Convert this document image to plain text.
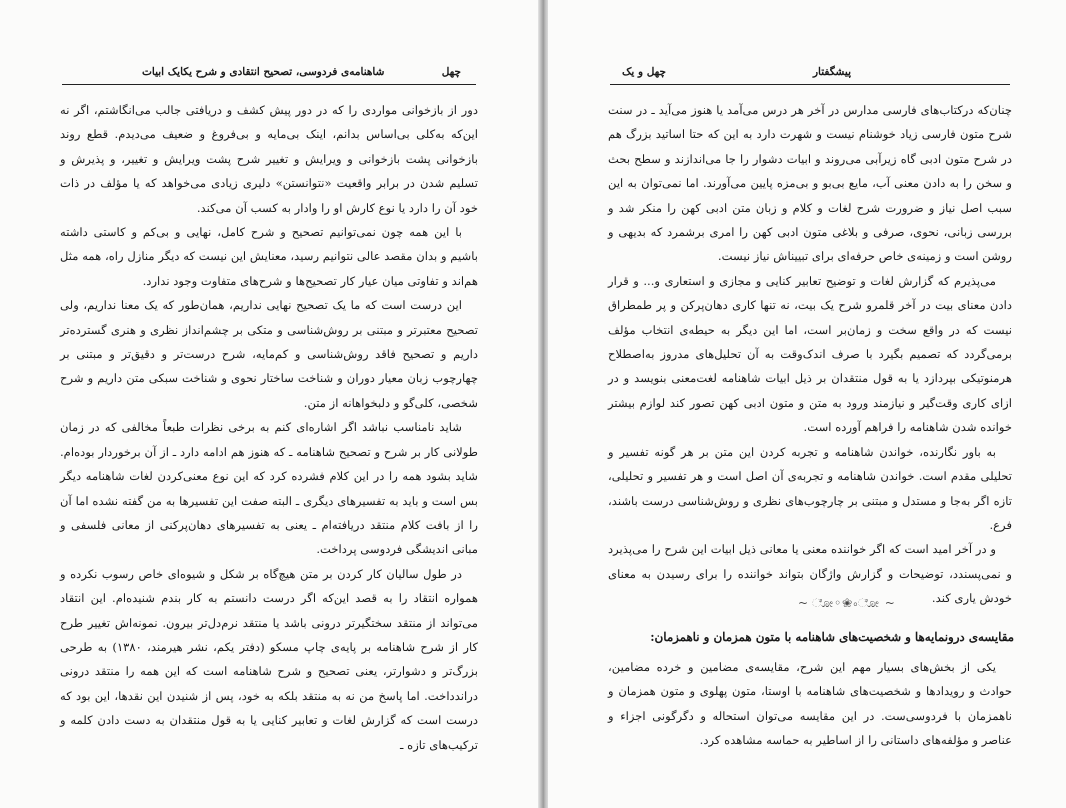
چهل
شاهنامه‌ی فردوسی، تصحیح انتقادی و شرح یکایک ابیات

دور از بازخوانی مواردی را که در دور پیش کشف و دریافتی جالب می‌انگاشتم، اگر نه این‌که به‌کلی بی‌اساس بدانم، اینک بی‌مایه و بی‌فروغ و ضعیف می‌دیدم. قطع روند بازخوانی پشت بازخوانی و ویرایش و تغییر شرح پشت ویرایش و تغییر، و پذیرش و تسلیم شدن در برابر واقعیت «نتوانستن» دلیری زیادی می‌خواهد که یا مؤلف در ذات خود آن را دارد یا نوع کارش او را وادار به کسب آن می‌کند.

با این همه چون نمی‌توانیم تصحیح و شرح کامل، نهایی و بی‌کم و کاستی داشته باشیم و بدان مقصد عالی نتوانیم رسید، معنایش این نیست که دیگر منازل راه، همه مثل هم‌اند و تفاوتی میان عیار کار تصحیح‌ها و شرح‌های متفاوت وجود ندارد.

این درست است که ما یک تصحیح نهایی نداریم، همان‌طور که یک معنا نداریم، ولی تصحیح معتبرتر و مبتنی بر روش‌شناسی و متکی بر چشم‌انداز نظری و هنری گسترده‌تر داریم و تصحیح فاقد روش‌شناسی و کم‌مایه، شرح درست‌تر و دقیق‌تر و مبتنی بر چهارچوب زبان معیار دوران و شناخت ساختار نحوی و شناخت سبکی متن داریم و شرح شخصی، کلی‌گو و دلبخواهانه از متن.

شاید نامناسب نباشد اگر اشاره‌ای کنم به برخی نظرات طبعاً مخالفی که در زمان طولانی کار بر شرح و تصحیح شاهنامه ـ که هنوز هم ادامه دارد ـ از آن برخوردار بوده‌ام. شاید بشود همه را در این کلام فشرده کرد که این نوع معنی‌کردن لغات شاهنامه دیگر بس است و باید به تفسیرهای دیگری ـ البته صفت این تفسیرها به من گفته نشده اما آن را از بافت کلام منتقد دریافته‌ام ـ یعنی به تفسیرهای دهان‌پرکنی از معانی فلسفی و مبانی اندیشگی فردوسی پرداخت.

در طول سالیان کار کردن بر متن هیچ‌گاه بر شکل و شیوه‌ای خاص رسوب نکرده و همواره انتقاد را به قصد این‌که اگر درست دانستم به کار بندم شنیده‌ام. این انتقاد می‌تواند از منتقد سختگیرتر درونی باشد یا منتقد نرم‌دل‌تر بیرون. نمونه‌اش تغییر طرح کار از شرح شاهنامه بر پایه‌ی چاپ مسکو (دفتر یکم، نشر هیرمند، ۱۳۸۰) به طرحی بزرگ‌تر و دشوارتر، یعنی تصحیح و شرح شاهنامه است که این همه را منتقد درونی دراندداخت. اما پاسخ من نه به منتقد بلکه به خود، پس از شنیدن این نقدها، این بود که درست است که گزارش لغات و تعابیر کنایی یا به قول منتقدان به دست دادن کلمه و ترکیب‌های تازه ـ

پیشگفتار
چهل و یک

چنان‌که درکتاب‌های فارسی مدارس در آخر هر درس می‌آمد یا هنوز می‌آید ـ در سنت شرح متون فارسی زیاد خوشنام نیست و شهرت دارد به این که حتا اساتید بزرگ هم در شرح متون ادبی گاه زیرآبی می‌روند و ابیات دشوار را جا می‌اندازند و سطح بحث و سخن را به دادن معنی آب، مایع بی‌بو و بی‌مزه پایین می‌آورند. اما نمی‌توان به این سبب اصل نیاز و ضرورت شرح لغات و کلام و زبان متن ادبی کهن را منکر شد و بررسی زبانی، نحوی، صرفی و بلاغی متون ادبی کهن را امری برشمرد که بدیهی و روشن است و زمینه‌ی خاص حرفه‌ای برای تبییناش نیاز نیست.

می‌پذیرم که گزارش لغات و توضیح تعابیر کنایی و مجازی و استعاری و... و قرار دادن معنای بیت در آخر قلمرو شرح یک بیت، نه تنها کاری دهان‌پرکن و پر طمطراق نیست که در واقع سخت و زمان‌بر است، اما این دیگر به حیطه‌ی انتخاب مؤلف برمی‌گردد که تصمیم بگیرد با صرف اندک‌وقت به آن تحلیل‌های مدروز به‌اصطلاح هرمنوتیکی بپردازد یا به قول منتقدان بر ذیل ابیات شاهنامه لغت‌معنی بنویسد و در ازای کاری وقت‌گیر و نیازمند ورود به متن و متون ادبی کهن تصور کند لوازم بیشتر خوانده شدن شاهنامه را فراهم آورده است.

به باور نگارنده، خواندن شاهنامه و تجربه کردن این متن بر هر گونه تفسیر و تحلیلی مقدم است. خواندن شاهنامه و تجربه‌ی آن اصل است و هر تفسیر و تحلیلی، تازه اگر به‌جا و مستدل و مبتنی بر چارچوب‌های نظری و روش‌شناسی درست باشند، فرع.

و در آخر امید است که اگر خواننده معنی یا معانی ذیل ابیات این شرح را می‌پذیرد و نمی‌پسندد، توضیحات و گزارش واژگان بتواند خواننده را برای رسیدن به معنای خودش یاری کند.

~ ೋ◦❀◦ೋ ~
مقایسه‌ی درونمایه‌ها و شخصیت‌های شاهنامه با متون همزمان و ناهمزمان:

یکی از بخش‌های بسیار مهم این شرح، مقایسه‌ی مضامین و خرده مضامین، حوادث و رویدادها و شخصیت‌های شاهنامه با اوستا، متون پهلوی و متون همزمان و ناهمزمان با فردوسی‌ست. در این مقایسه می‌توان استحاله و دگرگونی اجزاء و عناصر و مؤلفه‌های داستانی را از اساطیر به حماسه مشاهده کرد.
